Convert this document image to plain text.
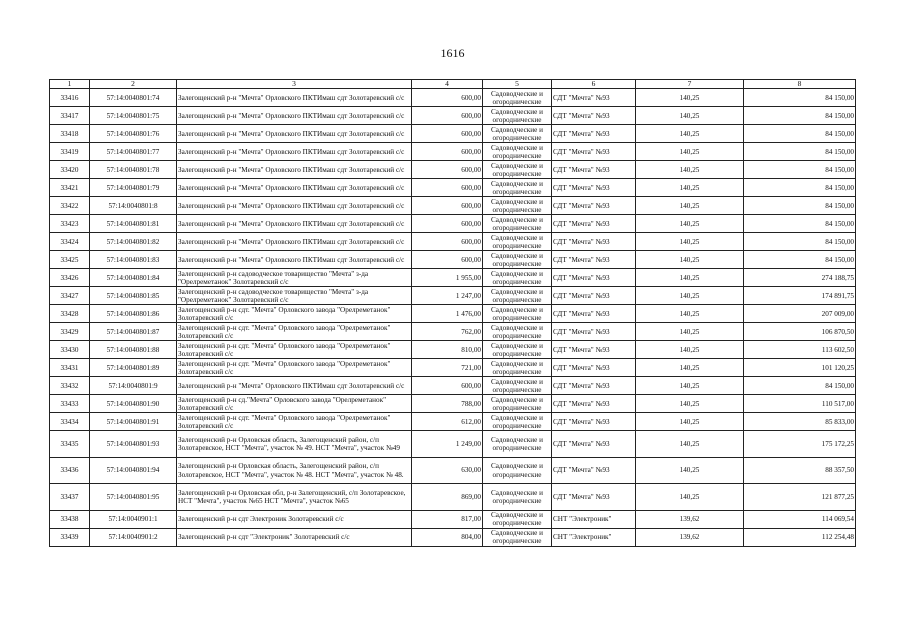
1616
1	2	3	4	5	6	7	8
33416	57:14:0040801:74	Залегощенский р-н "Мечта" Орловского ПКТИмаш сдт Золотаревский с/с	600,00	Садоводческие и огороднические	СДТ "Мечта" №93	140,25	84 150,00
33417	57:14:0040801:75	Залегощенский р-н "Мечта" Орловского ПКТИмаш сдт Золотаревский с/с	600,00	Садоводческие и огороднические	СДТ "Мечта" №93	140,25	84 150,00
33418	57:14:0040801:76	Залегощенский р-н "Мечта" Орловского ПКТИмаш сдт Золотаревский с/с	600,00	Садоводческие и огороднические	СДТ "Мечта" №93	140,25	84 150,00
33419	57:14:0040801:77	Залегощенский р-н "Мечта" Орловского ПКТИмаш сдт Золотаревский с/с	600,00	Садоводческие и огороднические	СДТ "Мечта" №93	140,25	84 150,00
33420	57:14:0040801:78	Залегощенский р-н "Мечта" Орловского ПКТИмаш сдт Золотаревский с/с	600,00	Садоводческие и огороднические	СДТ "Мечта" №93	140,25	84 150,00
33421	57:14:0040801:79	Залегощенский р-н "Мечта" Орловского ПКТИмаш сдт Золотаревский с/с	600,00	Садоводческие и огороднические	СДТ "Мечта" №93	140,25	84 150,00
33422	57:14:0040801:8	Залегощенский р-н "Мечта" Орловского ПКТИмаш сдт Золотаревский с/с	600,00	Садоводческие и огороднические	СДТ "Мечта" №93	140,25	84 150,00
33423	57:14:0040801:81	Залегощенский р-н "Мечта" Орловского ПКТИмаш сдт Золотаревский с/с	600,00	Садоводческие и огороднические	СДТ "Мечта" №93	140,25	84 150,00
33424	57:14:0040801:82	Залегощенский р-н "Мечта" Орловского ПКТИмаш сдт Золотаревский с/с	600,00	Садоводческие и огороднические	СДТ "Мечта" №93	140,25	84 150,00
33425	57:14:0040801:83	Залегощенский р-н "Мечта" Орловского ПКТИмаш сдт Золотаревский с/с	600,00	Садоводческие и огороднические	СДТ "Мечта" №93	140,25	84 150,00
33426	57:14:0040801:84	Залегощенский р-н садоводческое товарищество "Мечта" з-да "Орелреметанок" Золотаревский с/с	1 955,00	Садоводческие и огороднические	СДТ "Мечта" №93	140,25	274 188,75
33427	57:14:0040801:85	Залегощенский р-н садоводческое товарищество "Мечта" з-да "Орелреметанок" Золотаревский с/с	1 247,00	Садоводческие и огороднические	СДТ "Мечта" №93	140,25	174 891,75
33428	57:14:0040801:86	Залегощенский р-н сдт. "Мечта" Орловского завода "Орелреметанок" Золотаревский с/с	1 476,00	Садоводческие и огороднические	СДТ "Мечта" №93	140,25	207 009,00
33429	57:14:0040801:87	Залегощенский р-н сдт. "Мечта" Орловского завода "Орелреметанок" Золотаревский с/с	762,00	Садоводческие и огороднические	СДТ "Мечта" №93	140,25	106 870,50
33430	57:14:0040801:88	Залегощенский р-н сдт. "Мечта" Орловского завода "Орелреметанок" Золотаревский с/с	810,00	Садоводческие и огороднические	СДТ "Мечта" №93	140,25	113 602,50
33431	57:14:0040801:89	Залегощенский р-н сдт. "Мечта" Орловского завода "Орелреметанок" Золотаревский с/с	721,00	Садоводческие и огороднические	СДТ "Мечта" №93	140,25	101 120,25
33432	57:14:0040801:9	Залегощенский р-н "Мечта" Орловского ПКТИмаш сдт Золотаревский с/с	600,00	Садоводческие и огороднические	СДТ "Мечта" №93	140,25	84 150,00
33433	57:14:0040801:90	Залегощенский р-н сд."Мечта" Орловского завода "Орелреметанок" Золотаревский с/с	788,00	Садоводческие и огороднические	СДТ "Мечта" №93	140,25	110 517,00
33434	57:14:0040801:91	Залегощенский р-н сдт. "Мечта" Орловского завода "Орелреметанок" Золотаревский с/с	612,00	Садоводческие и огороднические	СДТ "Мечта" №93	140,25	85 833,00
33435	57:14:0040801:93	Залегощенский р-н Орловская область, Залегощенский район, с/п Золотаревское, НСТ "Мечта", участок № 49. НСТ "Мечта", участок №49	1 249,00	Садоводческие и огороднические	СДТ "Мечта" №93	140,25	175 172,25
33436	57:14:0040801:94	Залегощенский р-н Орловская область, Залегощенский район, с/п Золотаревское, НСТ "Мечта", участок № 48. НСТ "Мечта", участок № 48.	630,00	Садоводческие и огороднические	СДТ "Мечта" №93	140,25	88 357,50
33437	57:14:0040801:95	Залегощенский р-н Орловская обл, р-н Залегощенский, с/п Золотаревское, НСТ "Мечта", участок №65 НСТ "Мечта", участок №65	869,00	Садоводческие и огороднические	СДТ "Мечта" №93	140,25	121 877,25
33438	57:14:0040901:1	Залегощенский р-н сдт Электроник Золотаревский с/с	817,00	Садоводческие и огороднические	СНТ "Электроник"	139,62	114 069,54
33439	57:14:0040901:2	Залегощенский р-н сдт "Электроник" Золотаревский с/с	804,00	Садоводческие и огороднические	СНТ "Электроник"	139,62	112 254,48
